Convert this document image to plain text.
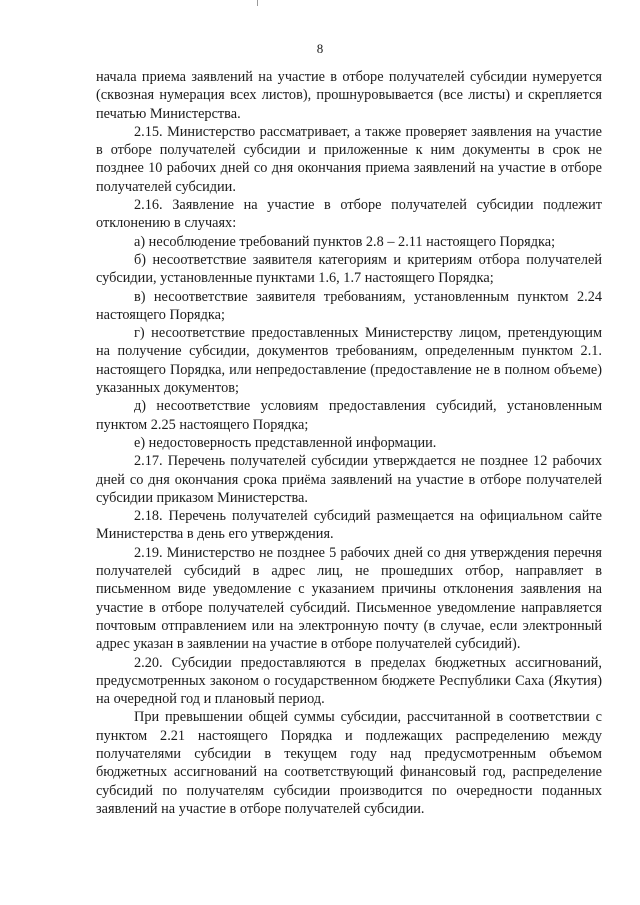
8

начала приема заявлений на участие в отборе получателей субсидии нумеруется (сквозная нумерация всех листов), прошнуровывается (все листы) и скрепляется печатью Министерства.

2.15. Министерство рассматривает, а также проверяет заявления на участие в отборе получателей субсидии и приложенные к ним документы в срок не позднее 10 рабочих дней со дня окончания приема заявлений на участие в отборе получателей субсидии.

2.16. Заявление на участие в отборе получателей субсидии подлежит отклонению в случаях:

а) несоблюдение требований пунктов 2.8 – 2.11 настоящего Порядка;

б) несоответствие заявителя категориям и критериям отбора получателей субсидии, установленные пунктами 1.6, 1.7 настоящего Порядка;

в) несоответствие заявителя требованиям, установленным пунктом 2.24 настоящего Порядка;

г) несоответствие предоставленных Министерству лицом, претендующим на получение субсидии, документов требованиям, определенным пунктом 2.1. настоящего Порядка, или непредоставление (предоставление не в полном объеме) указанных документов;

д) несоответствие условиям предоставления субсидий, установленным пунктом 2.25 настоящего Порядка;

е) недостоверность представленной информации.

2.17. Перечень получателей субсидии утверждается не позднее 12 рабочих дней со дня окончания срока приёма заявлений на участие в отборе получателей субсидии приказом Министерства.

2.18. Перечень получателей субсидий размещается на официальном сайте Министерства в день его утверждения.

2.19. Министерство не позднее 5 рабочих дней со дня утверждения перечня получателей субсидий в адрес лиц, не прошедших отбор, направляет в письменном виде уведомление с указанием причины отклонения заявления на участие в отборе получателей субсидий. Письменное уведомление направляется почтовым отправлением или на электронную почту (в случае, если электронный адрес указан в заявлении на участие в отборе получателей субсидий).

2.20. Субсидии предоставляются в пределах бюджетных ассигнований, предусмотренных законом о государственном бюджете Республики Саха (Якутия) на очередной год и плановый период.

При превышении общей суммы субсидии, рассчитанной в соответствии с пунктом 2.21 настоящего Порядка и подлежащих распределению между получателями субсидии в текущем году над предусмотренным объемом бюджетных ассигнований на соответствующий финансовый год, распределение субсидий по получателям субсидии производится по очередности поданных заявлений на участие в отборе получателей субсидии.
